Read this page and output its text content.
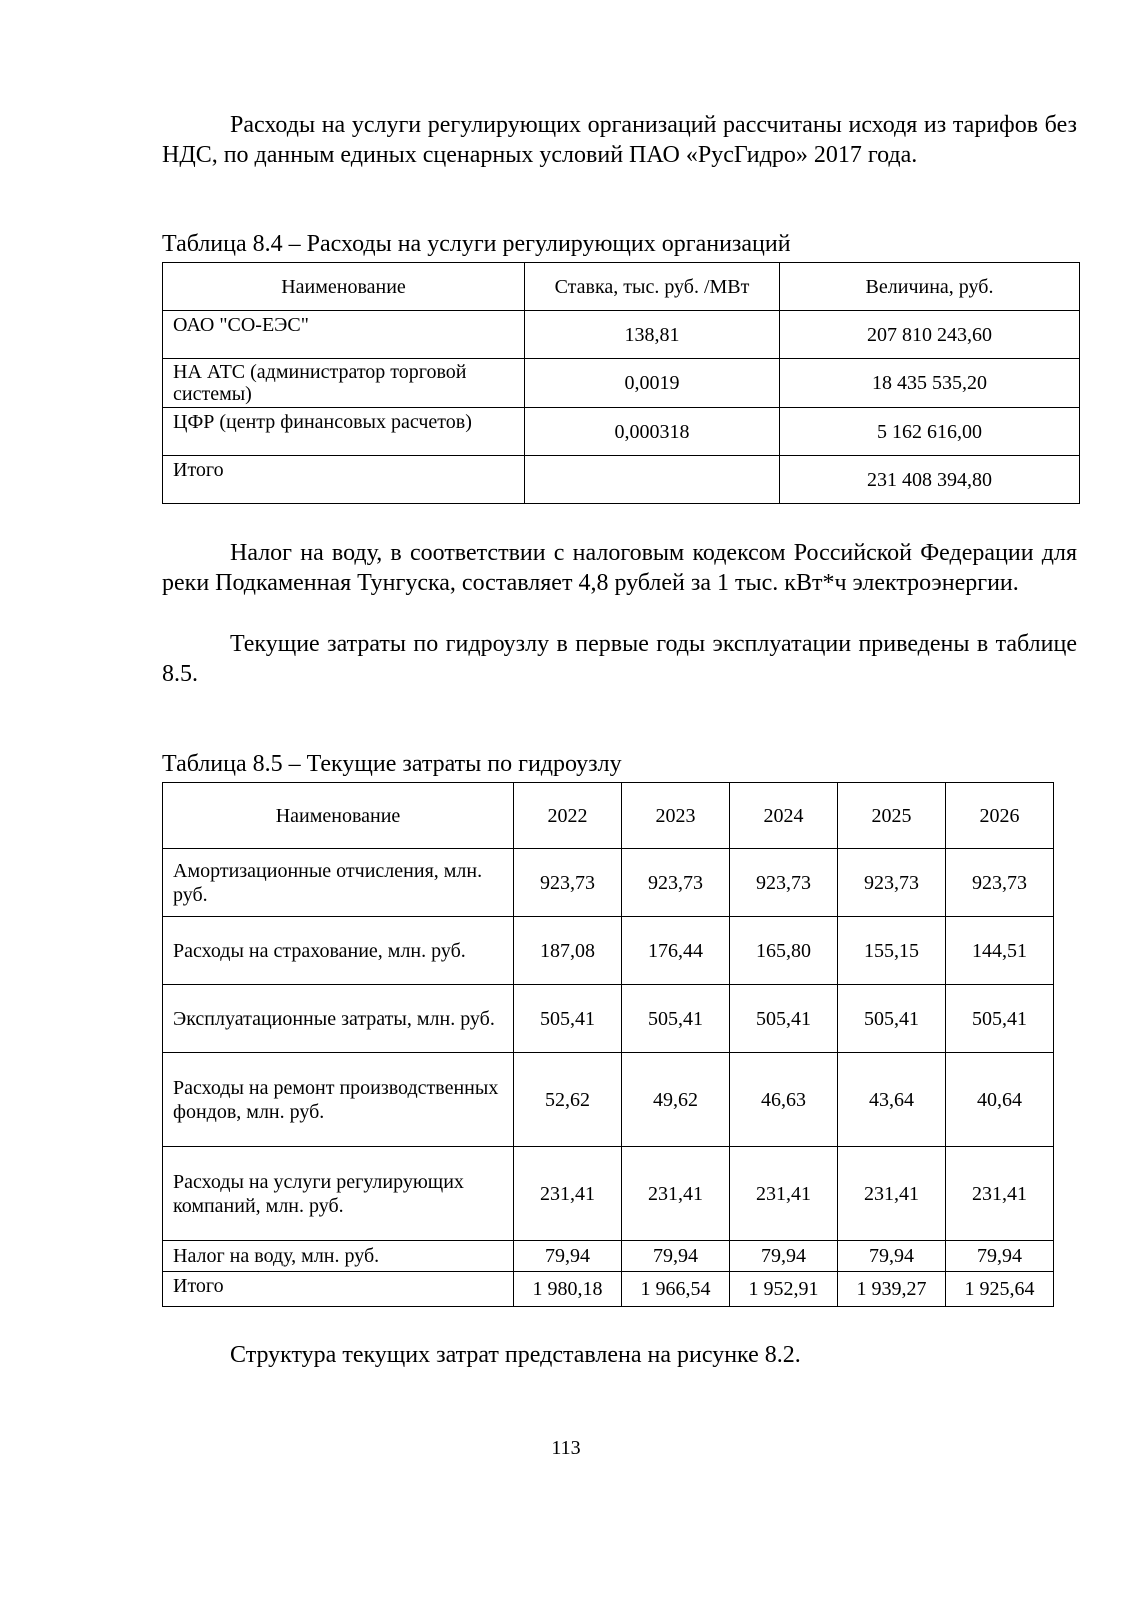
Расходы на услуги регулирующих организаций рассчитаны исходя из тарифов без НДС, по данным единых сценарных условий ПАО «РусГидро» 2017 года.

Таблица 8.4 – Расходы на услуги регулирующих организаций

Наименование	Ставка, тыс. руб. /МВт	Величина, руб.
ОАО "СО-ЕЭС"	138,81	207 810 243,60
НА АТС (администратор торговой системы)	0,0019	18 435 535,20
ЦФР (центр финансовых расчетов)	0,000318	5 162 616,00
Итого		231 408 394,80

Налог на воду, в соответствии с налоговым кодексом Российской Федерации для реки Подкаменная Тунгуска, составляет 4,8 рублей за 1 тыс. кВт*ч электроэнергии.

Текущие затраты по гидроузлу в первые годы эксплуатации приведены в таблице 8.5.

Таблица 8.5 – Текущие затраты по гидроузлу

Наименование	2022	2023	2024	2025	2026
Амортизационные отчисления, млн. руб.	923,73	923,73	923,73	923,73	923,73
Расходы на страхование, млн. руб.	187,08	176,44	165,80	155,15	144,51
Эксплуатационные затраты, млн. руб.	505,41	505,41	505,41	505,41	505,41
Расходы на ремонт производственных фондов, млн. руб.	52,62	49,62	46,63	43,64	40,64
Расходы на услуги регулирующих компаний, млн. руб.	231,41	231,41	231,41	231,41	231,41
Налог на воду, млн. руб.	79,94	79,94	79,94	79,94	79,94
Итого	1 980,18	1 966,54	1 952,91	1 939,27	1 925,64

Структура текущих затрат представлена на рисунке 8.2.

113
